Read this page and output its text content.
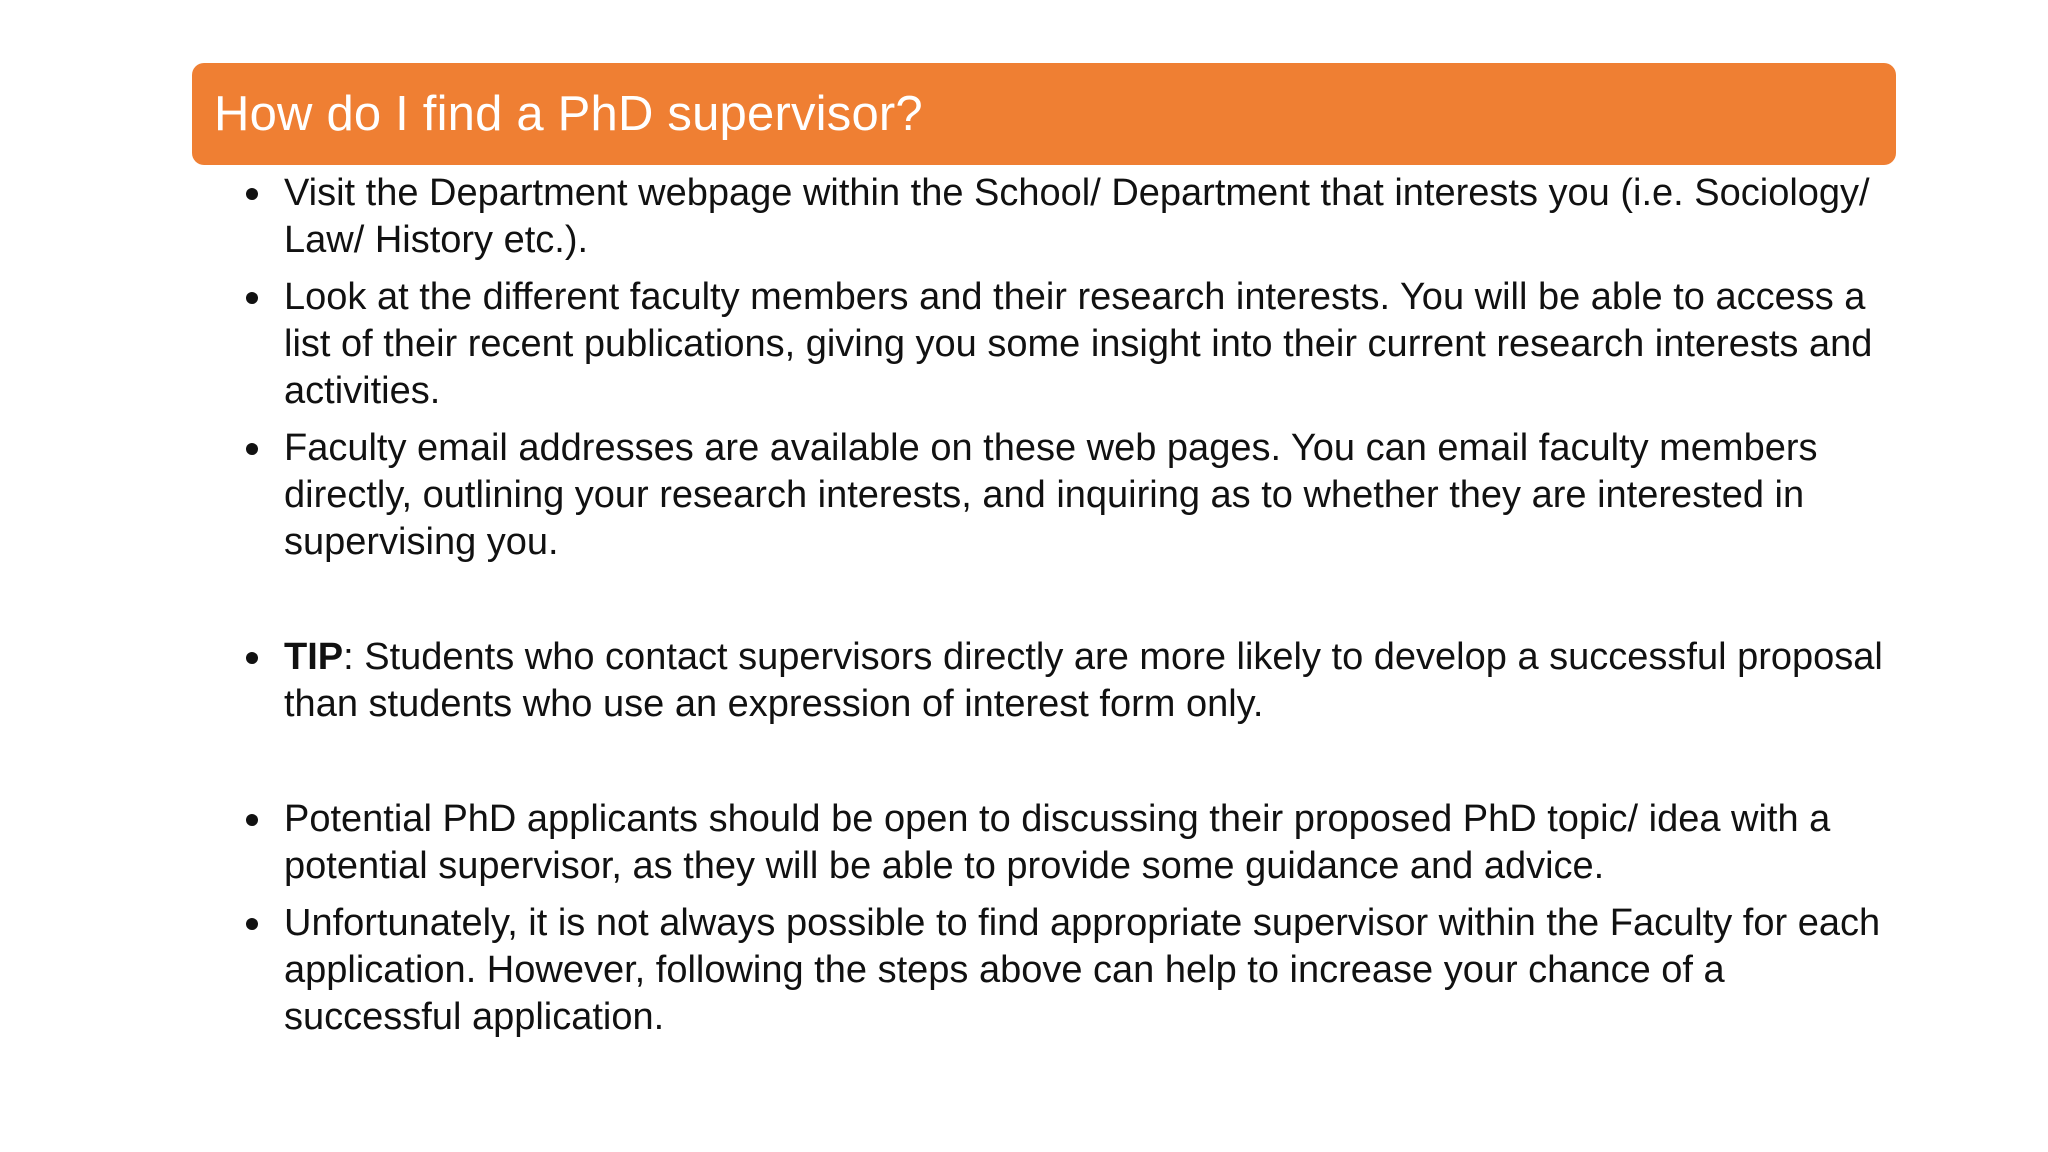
How do I find a PhD supervisor?
Visit the Department webpage within the School/ Department that interests you (i.e. Sociology/ Law/ History etc.).
Look at the different faculty members and their research interests. You will be able to access a list of their recent publications, giving you some insight into their current research interests and activities.
Faculty email addresses are available on these web pages. You can email faculty members directly, outlining your research interests, and inquiring as to whether they are interested in supervising you.
TIP: Students who contact supervisors directly are more likely to develop a successful proposal than students who use an expression of interest form only.
Potential PhD applicants should be open to discussing their proposed PhD topic/ idea with a potential supervisor, as they will be able to provide some guidance and advice.
Unfortunately, it is not always possible to find appropriate supervisor within the Faculty for each application. However, following the steps above can help to increase your chance of a successful application.
